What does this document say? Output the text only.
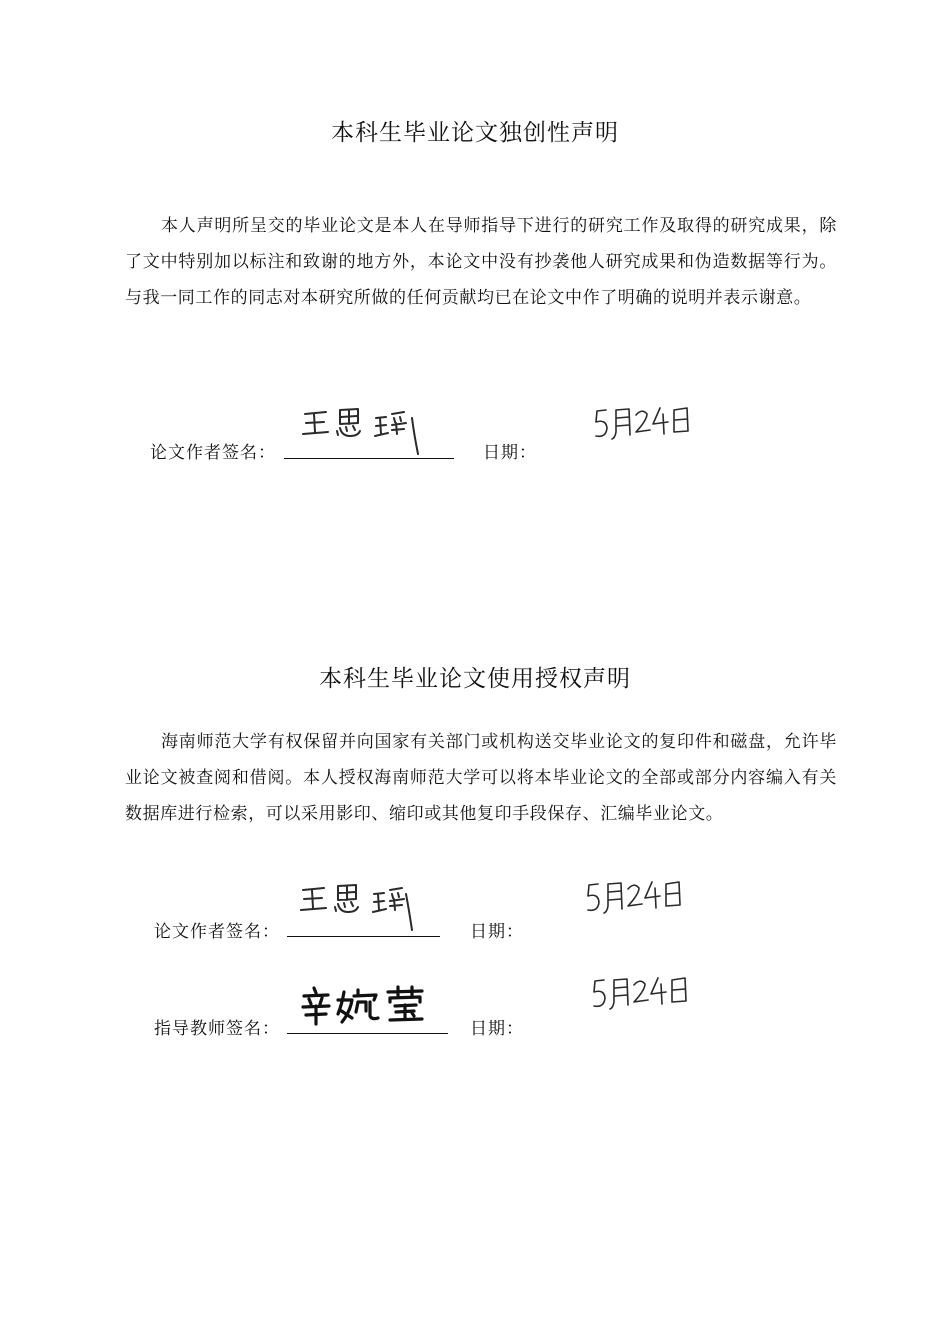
本科生毕业论文独创性声明

本人声明所呈交的毕业论文是本人在导师指导下进行的研究工作及取得的研究成果，除了文中特别加以标注和致谢的地方外，本论文中没有抄袭他人研究成果和伪造数据等行为。与我一同工作的同志对本研究所做的任何贡献均已在论文中作了明确的说明并表示谢意。

论文作者签名：	日期：
本科生毕业论文使用授权声明

海南师范大学有权保留并向国家有关部门或机构送交毕业论文的复印件和磁盘，允许毕业论文被查阅和借阅。本人授权海南师范大学可以将本毕业论文的全部或部分内容编入有关数据库进行检索，可以采用影印、缩印或其他复印手段保存、汇编毕业论文。

论文作者签名：	日期：
指导教师签名：	日期：
